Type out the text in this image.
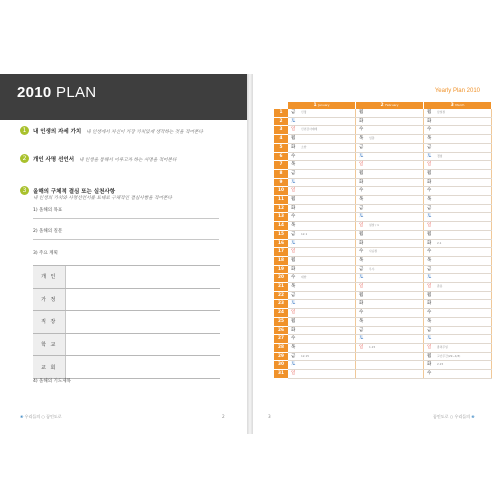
2010 PLAN
1	내 인생의 자세 가치 내 인생에서 자신이 가장 가치있게 생각하는 것을 적어본다
2	개인 사명 선언서 내 인생을 통해서 이루고자 하는 사명을 적어본다
3	올해의 구체적 결심 또는 실천사항
내 인생의 가치와 사명선언서를 토대로 구체적인 결심사항을 적어본다
1) 올해의 목표
2) 올해의 질문
3) 주요 계획
개 인	
가 정	
직 장	
학 교	
교 회	
4) 올해의 기도제목
❀ 우리들의 ○ 꿈인도로	2
Yearly Plan 2010
	1 January	2 February	3 March
1	금 신정	월	월 삼일절
2	토	화	화
3	일 신년감사예배	수	수
4	월	목 입춘	목
5	화 소한	금	금
6	수	토	토 경칩
7	목	일	일
8	금	월	월
9	토	화	화
10	일	수	수
11	월	목	목
12	화	금	금
13	수	토	토
14	목	일 설날 / 1	일
15	금 12.1	월	월
16	토	화	화 2.1
17	일	수 사순절	수
18	월	목	목
19	화	금 우수	금
20	수 대한	토	토
21	목	일	일 춘분
22	금	월	월
23	토	화	화
24	일	수	수
25	월	목	목
26	화	금	금
27	수	토	토
28	목	일 1.15	일 종려주일
29	금 12.15		월 고난주간(29~4/3)
30	토		화 2.15
31	일		수
3	꿈인도로 ○ 우리들의 ❀
